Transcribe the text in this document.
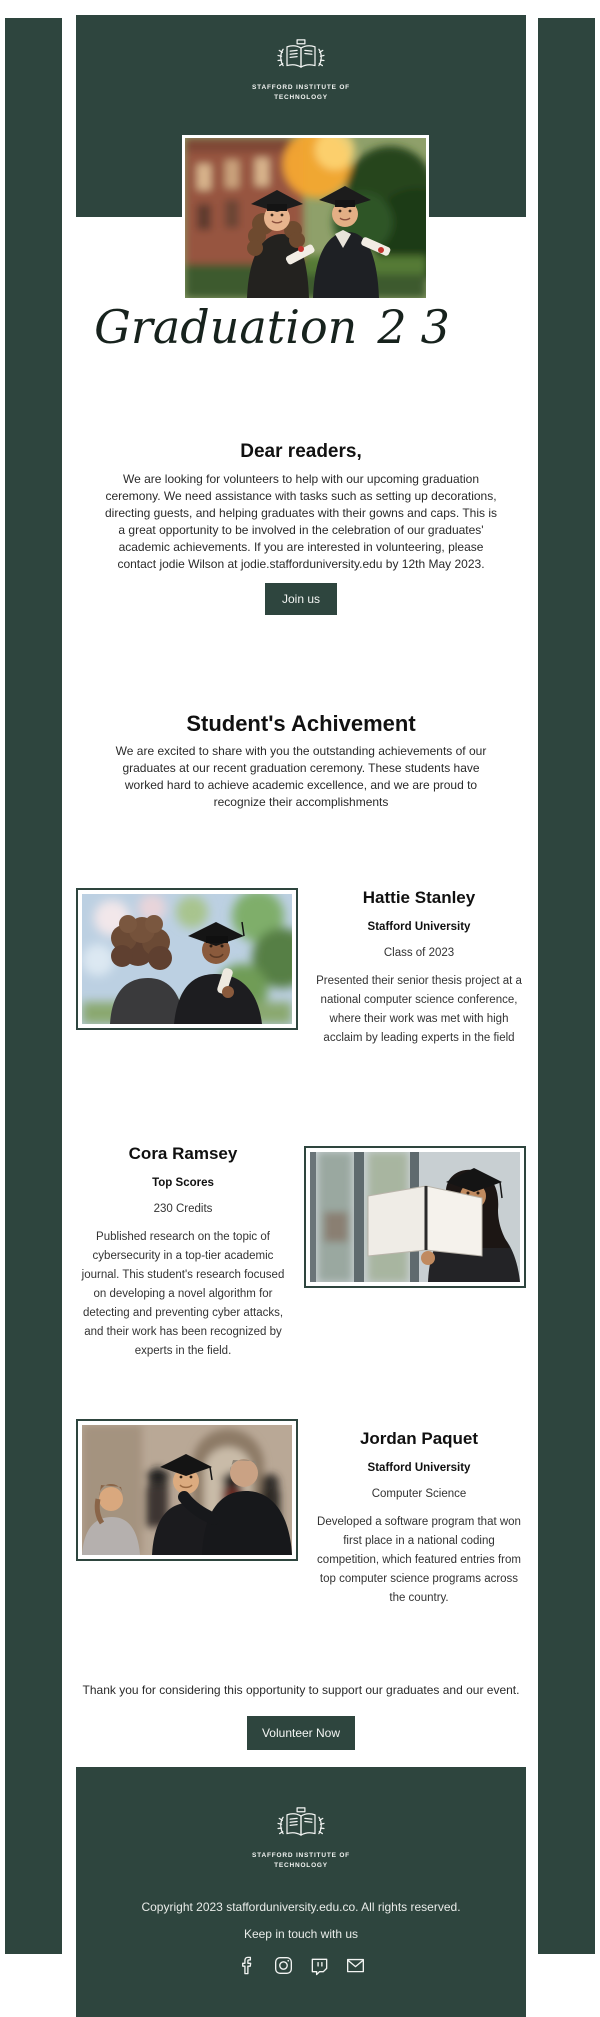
STAFFORD INSTITUTE OF
TECHNOLOGY
Graduation 23
Dear readers,

We are looking for volunteers to help with our upcoming graduation ceremony. We need assistance with tasks such as setting up decorations, directing guests, and helping graduates with their gowns and caps. This is a great opportunity to be involved in the celebration of our graduates' academic achievements. If you are interested in volunteering, please contact jodie Wilson at jodie.stafforduniversity.edu by 12th May 2023.

Join us
Student's Achivement

We are excited to share with you the outstanding achievements of our graduates at our recent graduation ceremony. These students have worked hard to achieve academic excellence, and we are proud to recognize their accomplishments

Hattie Stanley
Stafford University
Class of 2023

Presented their senior thesis project at a national computer science conference, where their work was met with high acclaim by leading experts in the field

Cora Ramsey
Top Scores
230 Credits

Published research on the topic of cybersecurity in a top-tier academic journal. This student's research focused on developing a novel algorithm for detecting and preventing cyber attacks, and their work has been recognized by experts in the field.

Jordan Paquet
Stafford University
Computer Science

Developed a software program that won first place in a national coding competition, which featured entries from top computer science programs across the country.

Thank you for considering this opportunity to support our graduates and our event.

Volunteer Now
STAFFORD INSTITUTE OF
TECHNOLOGY
Copyright 2023 stafforduniversity.edu.co. All rights reserved.
Keep in touch with us
